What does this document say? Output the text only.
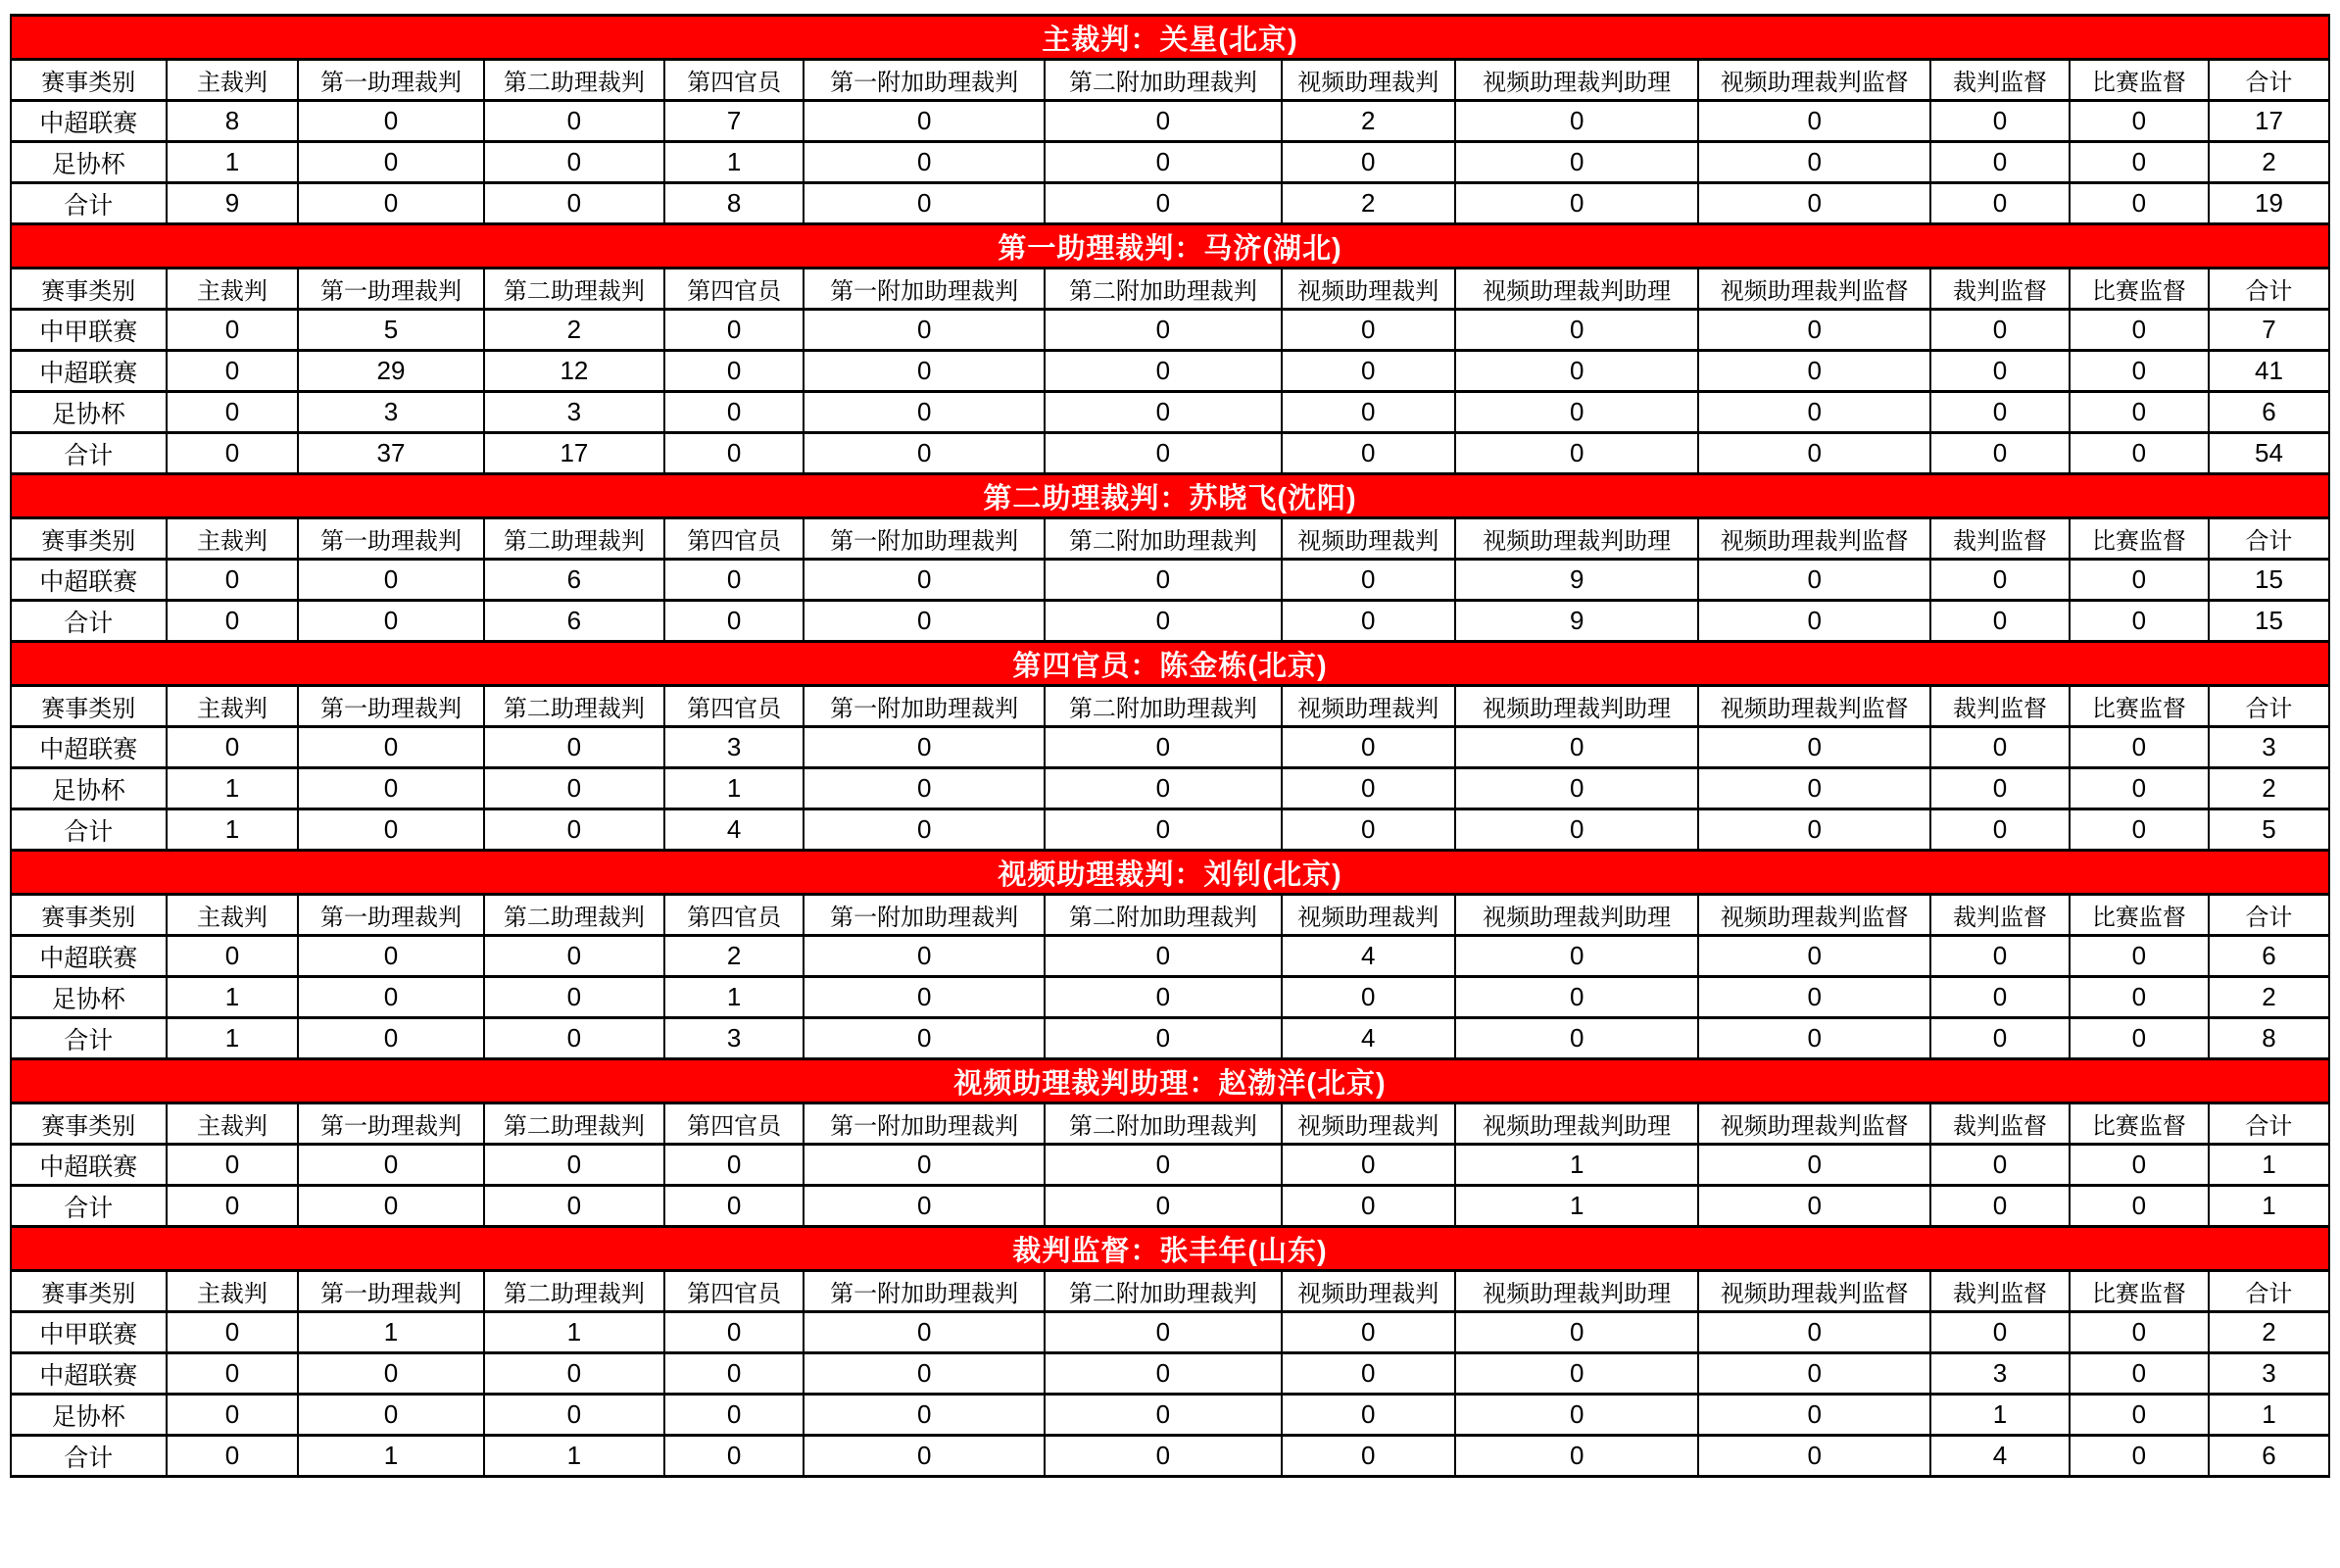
主裁判：关星(北京)												
赛事类别	主裁判	第一助理裁判	第二助理裁判	第四官员	第一附加助理裁判	第二附加助理裁判	视频助理裁判	视频助理裁判助理	视频助理裁判监督	裁判监督	比赛监督	合计
中超联赛	8	0	0	7	0	0	2	0	0	0	0	17
足协杯	1	0	0	1	0	0	0	0	0	0	0	2
合计	9	0	0	8	0	0	2	0	0	0	0	19
第一助理裁判：马济(湖北)												
赛事类别	主裁判	第一助理裁判	第二助理裁判	第四官员	第一附加助理裁判	第二附加助理裁判	视频助理裁判	视频助理裁判助理	视频助理裁判监督	裁判监督	比赛监督	合计
中甲联赛	0	5	2	0	0	0	0	0	0	0	0	7
中超联赛	0	29	12	0	0	0	0	0	0	0	0	41
足协杯	0	3	3	0	0	0	0	0	0	0	0	6
合计	0	37	17	0	0	0	0	0	0	0	0	54
第二助理裁判：苏晓飞(沈阳)												
赛事类别	主裁判	第一助理裁判	第二助理裁判	第四官员	第一附加助理裁判	第二附加助理裁判	视频助理裁判	视频助理裁判助理	视频助理裁判监督	裁判监督	比赛监督	合计
中超联赛	0	0	6	0	0	0	0	9	0	0	0	15
合计	0	0	6	0	0	0	0	9	0	0	0	15
第四官员：陈金栋(北京)												
赛事类别	主裁判	第一助理裁判	第二助理裁判	第四官员	第一附加助理裁判	第二附加助理裁判	视频助理裁判	视频助理裁判助理	视频助理裁判监督	裁判监督	比赛监督	合计
中超联赛	0	0	0	3	0	0	0	0	0	0	0	3
足协杯	1	0	0	1	0	0	0	0	0	0	0	2
合计	1	0	0	4	0	0	0	0	0	0	0	5
视频助理裁判：刘钊(北京)												
赛事类别	主裁判	第一助理裁判	第二助理裁判	第四官员	第一附加助理裁判	第二附加助理裁判	视频助理裁判	视频助理裁判助理	视频助理裁判监督	裁判监督	比赛监督	合计
中超联赛	0	0	0	2	0	0	4	0	0	0	0	6
足协杯	1	0	0	1	0	0	0	0	0	0	0	2
合计	1	0	0	3	0	0	4	0	0	0	0	8
视频助理裁判助理：赵渤洋(北京)												
赛事类别	主裁判	第一助理裁判	第二助理裁判	第四官员	第一附加助理裁判	第二附加助理裁判	视频助理裁判	视频助理裁判助理	视频助理裁判监督	裁判监督	比赛监督	合计
中超联赛	0	0	0	0	0	0	0	1	0	0	0	1
合计	0	0	0	0	0	0	0	1	0	0	0	1
裁判监督：张丰年(山东)												
赛事类别	主裁判	第一助理裁判	第二助理裁判	第四官员	第一附加助理裁判	第二附加助理裁判	视频助理裁判	视频助理裁判助理	视频助理裁判监督	裁判监督	比赛监督	合计
中甲联赛	0	1	1	0	0	0	0	0	0	0	0	2
中超联赛	0	0	0	0	0	0	0	0	0	3	0	3
足协杯	0	0	0	0	0	0	0	0	0	1	0	1
合计	0	1	1	0	0	0	0	0	0	4	0	6
